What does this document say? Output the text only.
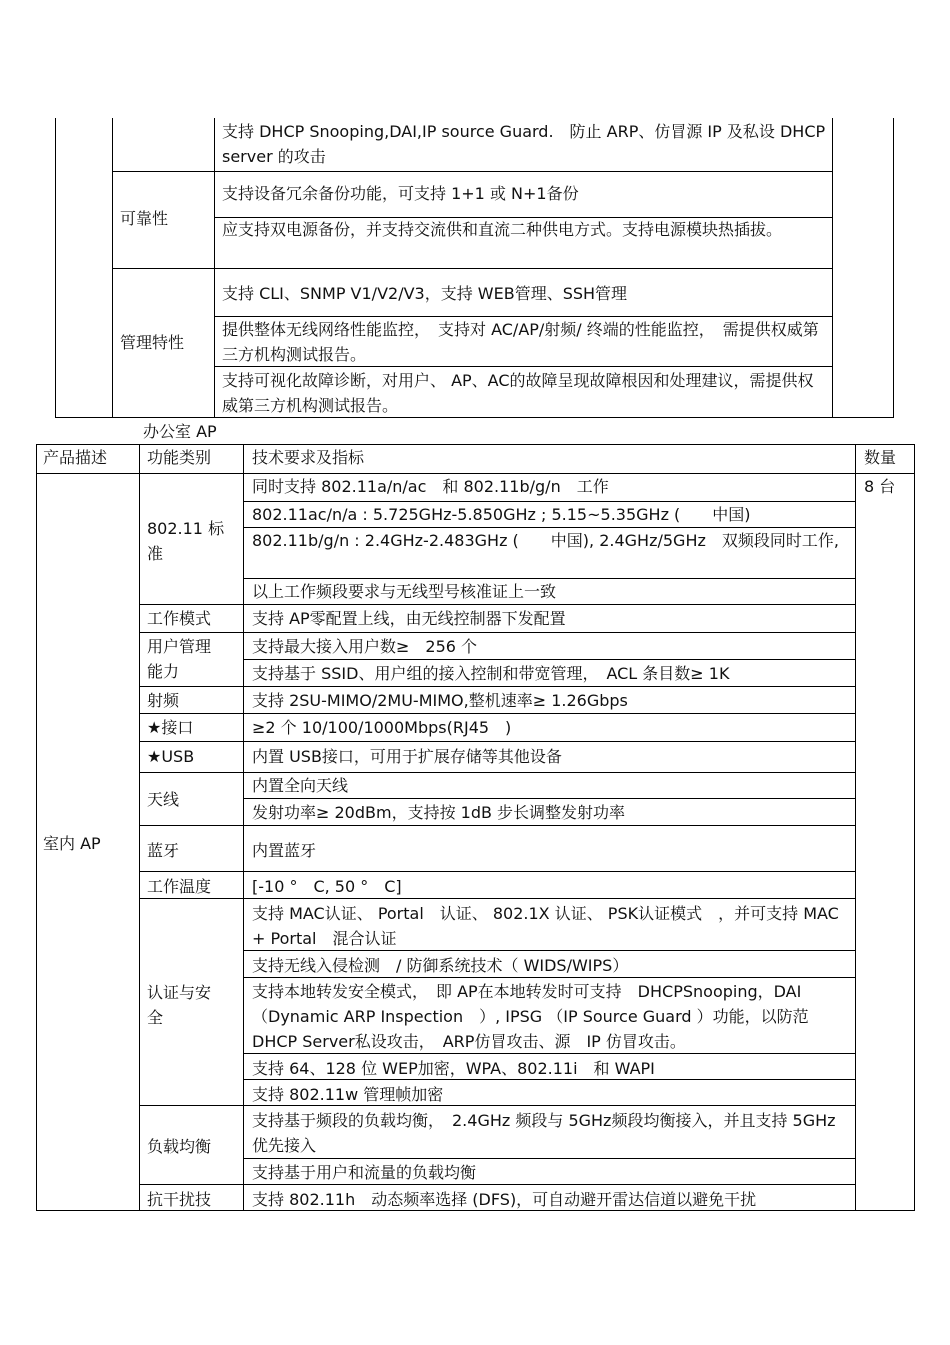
可靠性
管理特性
支持 DHCP Snooping,DAI,IP source Guard.　防止 ARP、仿冒源 IP 及私设 DHCP server 的攻击
支持设备冗余备份功能，可支持 1+1 或 N+1备份
应支持双电源备份，并支持交流供和直流二种供电方式。支持电源模块热插拔。
支持 CLI、SNMP V1/V2/V3，支持 WEB管理、SSH管理
提供整体无线网络性能监控，　支持对 AC/AP/射频/ 终端的性能监控，　需提供权威第三方机构测试报告。
支持可视化故障诊断，对用户、 AP、AC的故障呈现故障根因和处理建议，需提供权威第三方机构测试报告。
办公室 AP
产品描述 功能类别	技术要求及指标	数量
室内 AP
8 台
802.11 标准
工作模式
用户管理能力
射频
★接口
★USB
天线
蓝牙
工作温度
认证与安全
负载均衡
抗干扰技
同时支持 802.11a/n/ac　和 802.11b/g/n　工作
802.11ac/n/a : 5.725GHz-5.850GHz ; 5.15~5.35GHz (　　中国)
802.11b/g/n : 2.4GHz-2.483GHz (　　中国), 2.4GHz/5GHz　双频段同时工作,
以上工作频段要求与无线型号核准证上一致
支持 AP零配置上线，由无线控制器下发配置
支持最大接入用户数≥　256 个
支持基于 SSID、用户组的接入控制和带宽管理，　ACL 条目数≥ 1K
支持 2SU-MIMO/2MU-MIMO,整机速率≥ 1.26Gbps
≥2 个 10/100/1000Mbps(RJ45　)
内置 USB接口，可用于扩展存储等其他设备
内置全向天线
发射功率≥ 20dBm，支持按 1dB 步长调整发射功率
内置蓝牙
[-10 °　C, 50 °　C]
支持 MAC认证、 Portal　认证、 802.1X 认证、 PSK认证模式　，并可支持 MAC + Portal　混合认证
支持无线入侵检测　/ 防御系统技术（ WIDS/WIPS）
支持本地转发安全模式，　即 AP在本地转发时可支持　DHCPSnooping，DAI（Dynamic ARP Inspection　）, IPSG （IP Source Guard ）功能，以防范 DHCP Server私设攻击，　ARP仿冒攻击、源　IP 仿冒攻击。
支持 64、128 位 WEP加密，WPA、802.11i　和 WAPI
支持 802.11w 管理帧加密
支持基于频段的负载均衡，　2.4GHz 频段与 5GHz频段均衡接入，并且支持 5GHz优先接入
支持基于用户和流量的负载均衡
支持 802.11h　动态频率选择 (DFS)，可自动避开雷达信道以避免干扰
